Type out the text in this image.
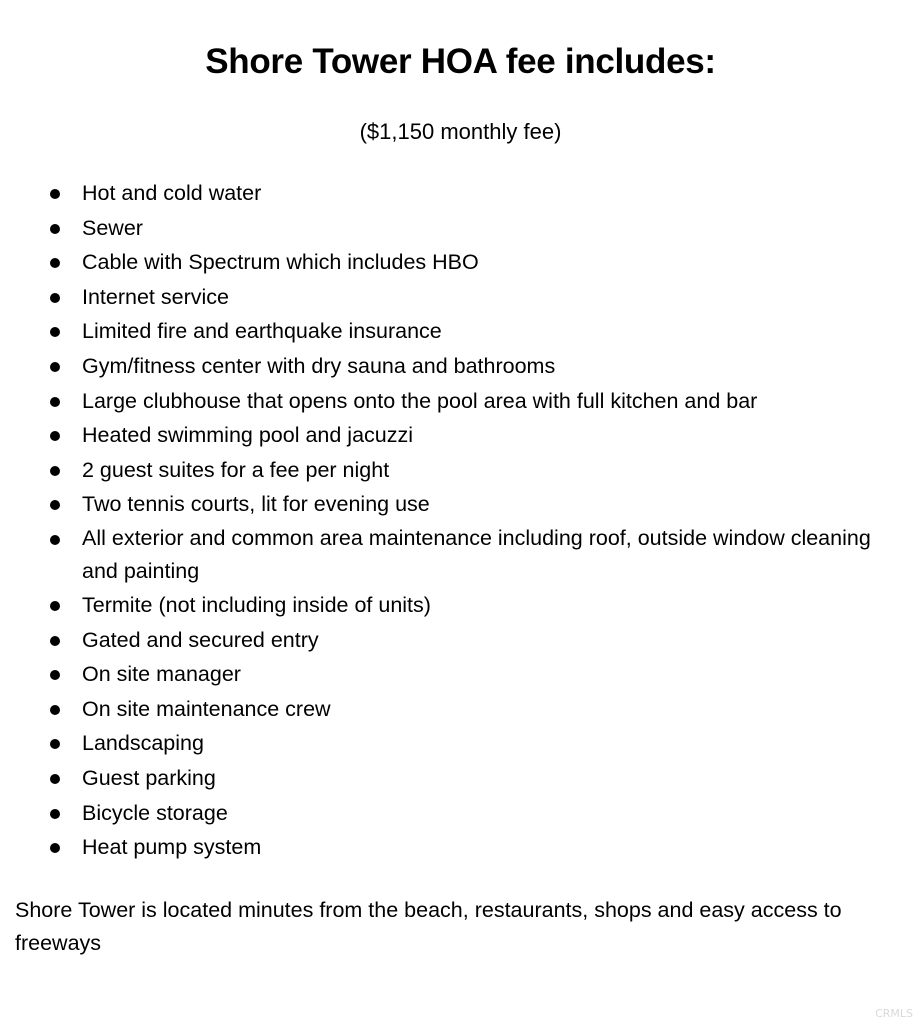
Shore Tower HOA fee includes:
($1,150 monthly fee)
Hot and cold water
Sewer
Cable with Spectrum which includes HBO
Internet service
Limited fire and earthquake insurance
Gym/fitness center with dry sauna and bathrooms
Large clubhouse that opens onto the pool area with full kitchen and bar
Heated swimming pool and jacuzzi
2 guest suites for a fee per night
Two tennis courts, lit for evening use
All exterior and common area maintenance including roof, outside window cleaning and painting
Termite (not including inside of units)
Gated and secured entry
On site manager
On site maintenance crew
Landscaping
Guest parking
Bicycle storage
Heat pump system
Shore Tower is located minutes from the beach, restaurants, shops and easy access to freeways
CRMLS
